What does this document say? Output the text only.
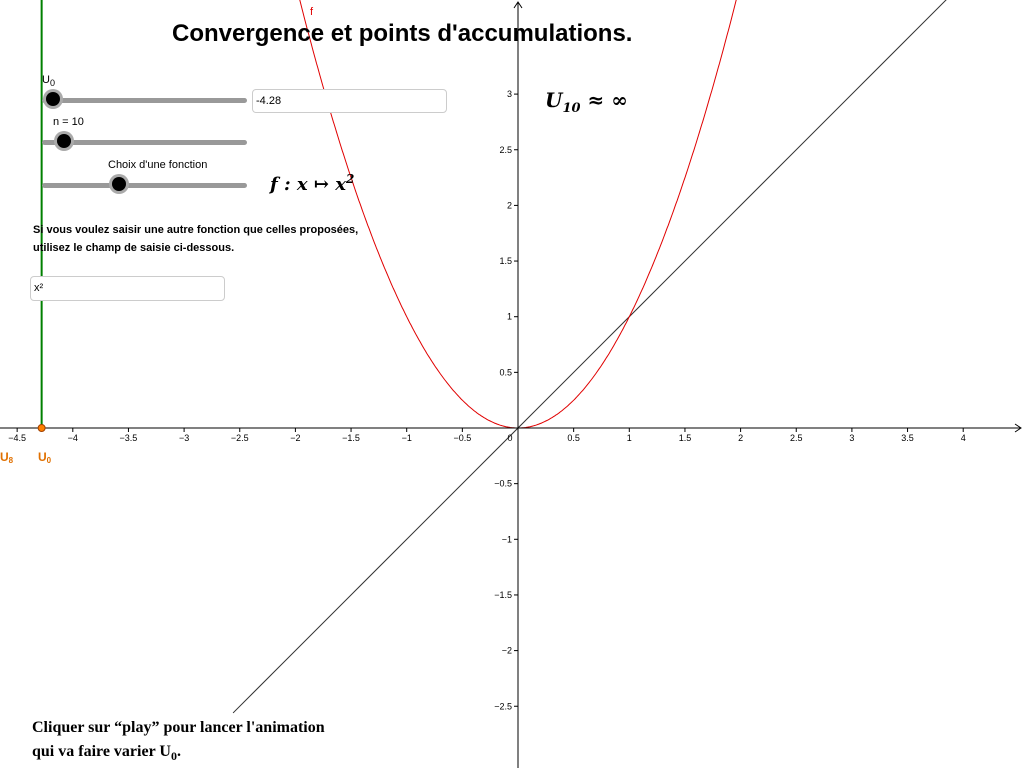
−4.5	−4	−3.5	−3	−2.5	−2	−1.5	−1	−0.5	0	0.5	1	1.5	2	2.5	3	3.5	4
3
2.5
2
1.5
1
0.5
−0.5
−1
−1.5
−2
−2.5
f
U8 U0
Convergence et points d'accumulations.
$U_0$
-4.28
n = 10
Choix d'une fonction
f : x ↦ $x^2$
$U_{10}$ ≈ ∞
Si vous voulez saisir une autre fonction que celles proposées,
utilisez le champ de saisie ci-dessous.
x²
Cliquer sur “play” pour lancer l'animation
qui va faire varier $U_0$.
